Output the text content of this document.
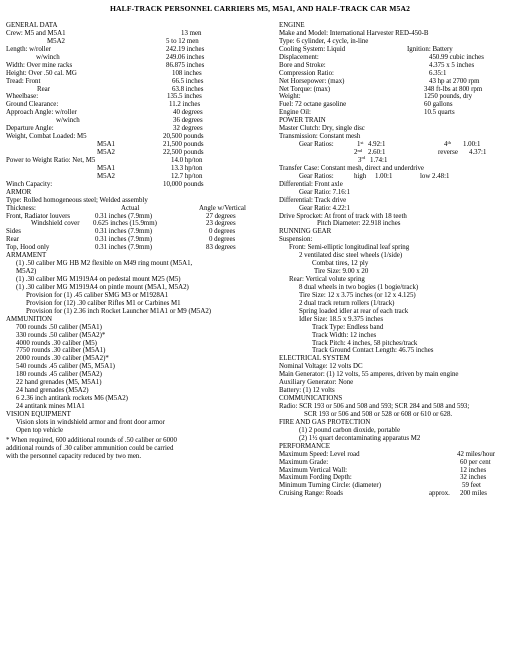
HALF-TRACK PERSONNEL CARRIERS M5, M5A1, AND HALF-TRACK CAR M5A2
GENERAL DATA
Crew: M5 and M5A1	13 men
M5A2	5 to 12 men
Length: w/roller	242.19 inches
w/winch	249.06 inches
Width: Over mine racks	86.875 inches
Height: Over .50 cal. MG	108 inches
Tread: Front	66.5 inches
Rear	63.8 inches
Wheelbase:	135.5 inches
Ground Clearance:	11.2 inches
Approach Angle: w/roller	40 degrees
w/winch	36 degrees
Departure Angle:	32 degrees
Weight, Combat Loaded: M5	20,500 pounds
M5A1	21,500 pounds
M5A2	22,500 pounds
Power to Weight Ratio: Net, M5	14.0 hp/ton
M5A1	13.3 hp/ton
M5A2	12.7 hp/ton
Winch Capacity:	10,000 pounds
ARMOR
Type: Rolled homogeneous steel; Welded assembly
Thickness:	Actual	Angle w/Vertical
Front, Radiator louvers	0.31 inches (7.9mm)	27 degrees
Windshield cover 0.625 inches (15.9mm)	23 degrees
Sides	0.31 inches (7.9mm)	0 degrees
Rear	0.31 inches (7.9mm)	0 degrees
Top, Hood only	0.31 inches (7.9mm)	83 degrees
ARMAMENT
(1) .50 caliber MG HB M2 flexible on M49 ring mount (M5A1,
M5A2)
(1) .30 caliber MG M1919A4 on pedestal mount M25 (M5)
(1) .30 caliber MG M1919A4 on pintle mount (M5A1, M5A2)
Provision for (1) .45 caliber SMG M3 or M1928A1
Provision for (12) .30 caliber Rifles M1 or Carbines M1
Provision for (1) 2.36 inch Rocket Launcher M1A1 or M9 (M5A2)
AMMUNITION
700 rounds .50 caliber (M5A1)
330 rounds .50 caliber (M5A2)*
4000 rounds .30 caliber (M5)
7750 rounds .30 caliber (M5A1)
2000 rounds .30 caliber (M5A2)*
540 rounds .45 caliber (M5, M5A1)
180 rounds .45 caliber (M5A2)
22 hand grenades (M5, M5A1)
24 hand grenades (M5A2)
6 2.36 inch antitank rockets M6 (M5A2)
24 antitank mines M1A1
VISION EQUIPMENT
Vision slots in windshield armor and front door armor
Open top vehicle
* When required, 600 additional rounds of .50 caliber or 6000
additional rounds of .30 caliber ammunition could be carried
with the personnel capacity reduced by two men.
ENGINE
Make and Model: International Harvester RED-450-B
Type: 6 cylinder, 4 cycle, in-line
Cooling System: Liquid	Ignition: Battery
Displacement:	450.99 cubic inches
Bore and Stroke:	4.375 x 5 inches
Compression Ratio:	6.35:1
Net Horsepower: (max)	43 hp at 2700 rpm
Net Torque: (max)	348 ft-lbs at 800 rpm
Weight:	1250 pounds, dry
Fuel: 72 octane gasoline	60 gallons
Engine Oil:	10.5 quarts
POWER TRAIN
Master Clutch: Dry, single disc
Transmission: Constant mesh
Gear Ratios:	1st 4.92:1	4th 1.00:1
2nd 2.60:1	reverse 4.37:1
3rd 1.74:1
Transfer Case: Constant mesh, direct and underdrive
Gear Ratios:	high 1.00:1	low 2.48:1
Differential: Front axle
Gear Ratio: 7.16:1
Differential: Track drive
Gear Ratio: 4.22:1
Drive Sprocket: At front of track with 18 teeth
Pitch Diameter: 22.918 inches
RUNNING GEAR
Suspension:
Front: Semi-elliptic longitudinal leaf spring
2 ventilated disc steel wheels (1/side)
Combat tires, 12 ply
Tire Size: 9.00 x 20
Rear: Vertical volute spring
8 dual wheels in two bogies (1 bogie/track)
Tire Size: 12 x 3.75 inches (or 12 x 4.125)
2 dual track return rollers (1/track)
Spring loaded idler at rear of each track
Idler Size: 18.5 x 9.375 inches
Track Type: Endless band
Track Width: 12 inches
Track Pitch: 4 inches, 58 pitches/track
Track Ground Contact Length: 46.75 inches
ELECTRICAL SYSTEM
Nominal Voltage: 12 volts DC
Main Generator: (1) 12 volts, 55 amperes, driven by main engine
Auxiliary Generator: None
Battery: (1) 12 volts
COMMUNICATIONS
Radio: SCR 193 or 506 and 508 and 593; SCR 284 and 508 and 593;
SCR 193 or 506 and 508 or 528 or 608 or 610 or 628.
FIRE AND GAS PROTECTION
(1) 2 pound carbon dioxide, portable
(2) 1½ quart decontaminating apparatus M2
PERFORMANCE
Maximum Speed: Level road	42 miles/hour
Maximum Grade:	60 per cent
Maximum Vertical Wall:	12 inches
Maximum Fording Depth:	32 inches
Minimum Turning Circle: (diameter)	59 feet
Cruising Range: Roads	approx. 200 miles
